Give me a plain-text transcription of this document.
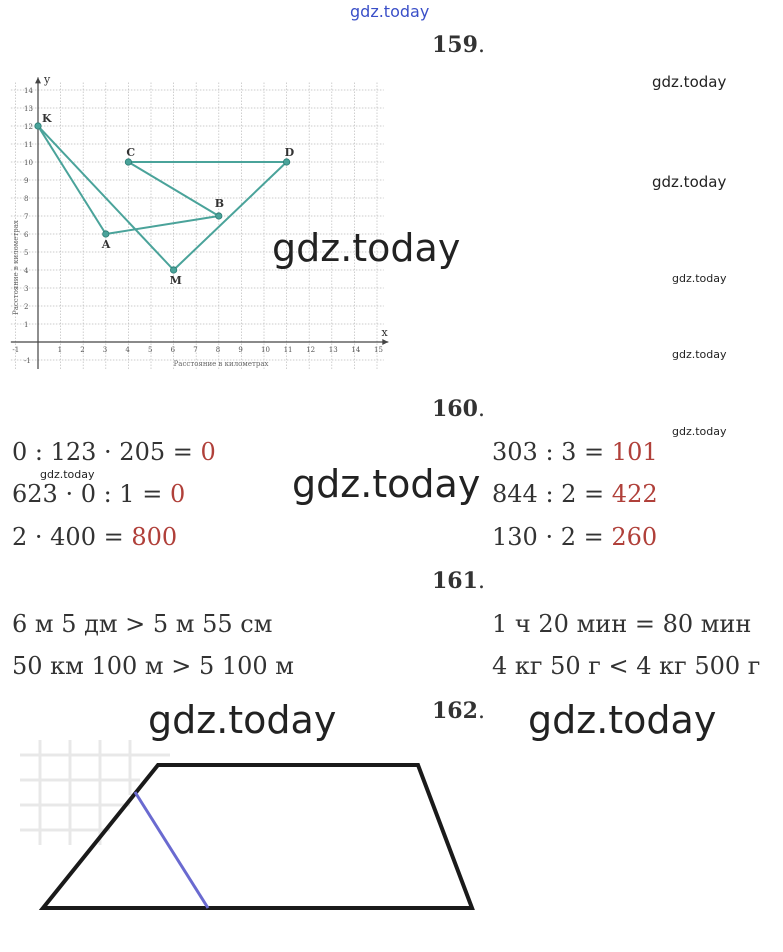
gdz.today
159.
-1	1	2	3	4	5	6	7	8	9	10 11 12 13 14 15
1
2
3
4
5
6
7
8
9
10
11
12
13
14
-1
K
C	D
B
A
M
y
x
Расстояние в километрах
Расстояние в километрах
gdz.today
gdz.today
gdz.today
gdz.today
gdz.today
160.
gdz.today
0 : 123 · 205 = 0
gdz.today
623 · 0 : 1 = 0
2 · 400 = 800
gdz.today
303 : 3 = 101
844 : 2 = 422
130 · 2 = 260
161.
6 м 5 дм > 5 м 55 см
50 км 100 м > 5 100 м
1 ч 20 мин = 80 мин
4 кг 50 г < 4 кг 500 г
162.
gdz.today	gdz.today
